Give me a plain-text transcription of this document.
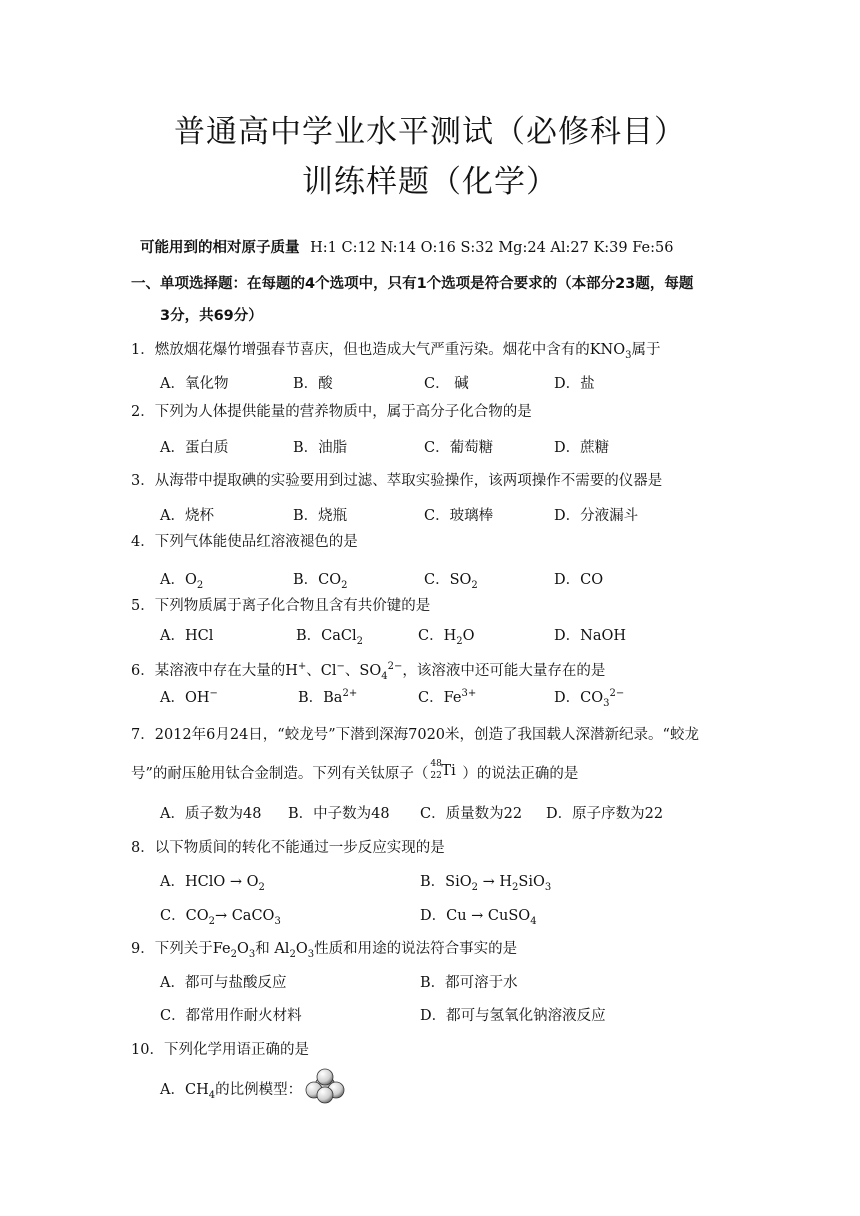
普通高中学业水平测试（必修科目）
训练样题（化学）
可能用到的相对原子质量 H:1 C:12 N:14 O:16 S:32 Mg:24 Al:27 K:39 Fe:56
一、单项选择题：在每题的4个选项中，只有1个选项是符合要求的（本部分23题，每题
3分，共69分）
1．燃放烟花爆竹增强春节喜庆，但也造成大气严重污染。烟花中含有的$KNO_3$属于
A．氧化物	B．酸	C． 碱	D．盐
2．下列为人体提供能量的营养物质中，属于高分子化合物的是
A．蛋白质	B．油脂	C．葡萄糖	D．蔗糖
3．从海带中提取碘的实验要用到过滤、萃取实验操作，该两项操作不需要的仪器是
A．烧杯	B．烧瓶	C．玻璃棒	D．分液漏斗
4．下列气体能使品红溶液褪色的是
A．$O_2$	B．$CO_2$	C．$SO_2$	D．CO
5．下列物质属于离子化合物且含有共价键的是
A．HCl	B．CaCl$_2$	C．$H_2O$	D．NaOH
6．某溶液中存在大量的H+、Cl−、$SO_4^{2-}$，该溶液中还可能大量存在的是
A．OH−	B．$Ba^{2+}$	C．$Fe^{3+}$	D．$CO_3^{2-}$
7．2012年6月24日，“蛟龙号”下潜到深海7020米，创造了我国载人深潜新纪录。“蛟龙
号”的耐压舱用钛合金制造。下列有关钛原子（
48
22 Ti ）的说法正确的是
A．质子数为48 B．中子数为48 C．质量数为22 D．原子序数为22
8．以下物质间的转化不能通过一步反应实现的是
A．HClO → $O_2$	B．$SiO_2 \to H_2SiO_3$
C．$CO_2\to$ CaCO$_3$	D．Cu → CuSO$_4$
9．下列关于$Fe_2O_3$和 $Al_2O_3$性质和用途的说法符合事实的是
A．都可与盐酸反应	B．都可溶于水
C．都常用作耐火材料	D．都可与氢氧化钠溶液反应
10．下列化学用语正确的是
A．$CH_4$的比例模型：
